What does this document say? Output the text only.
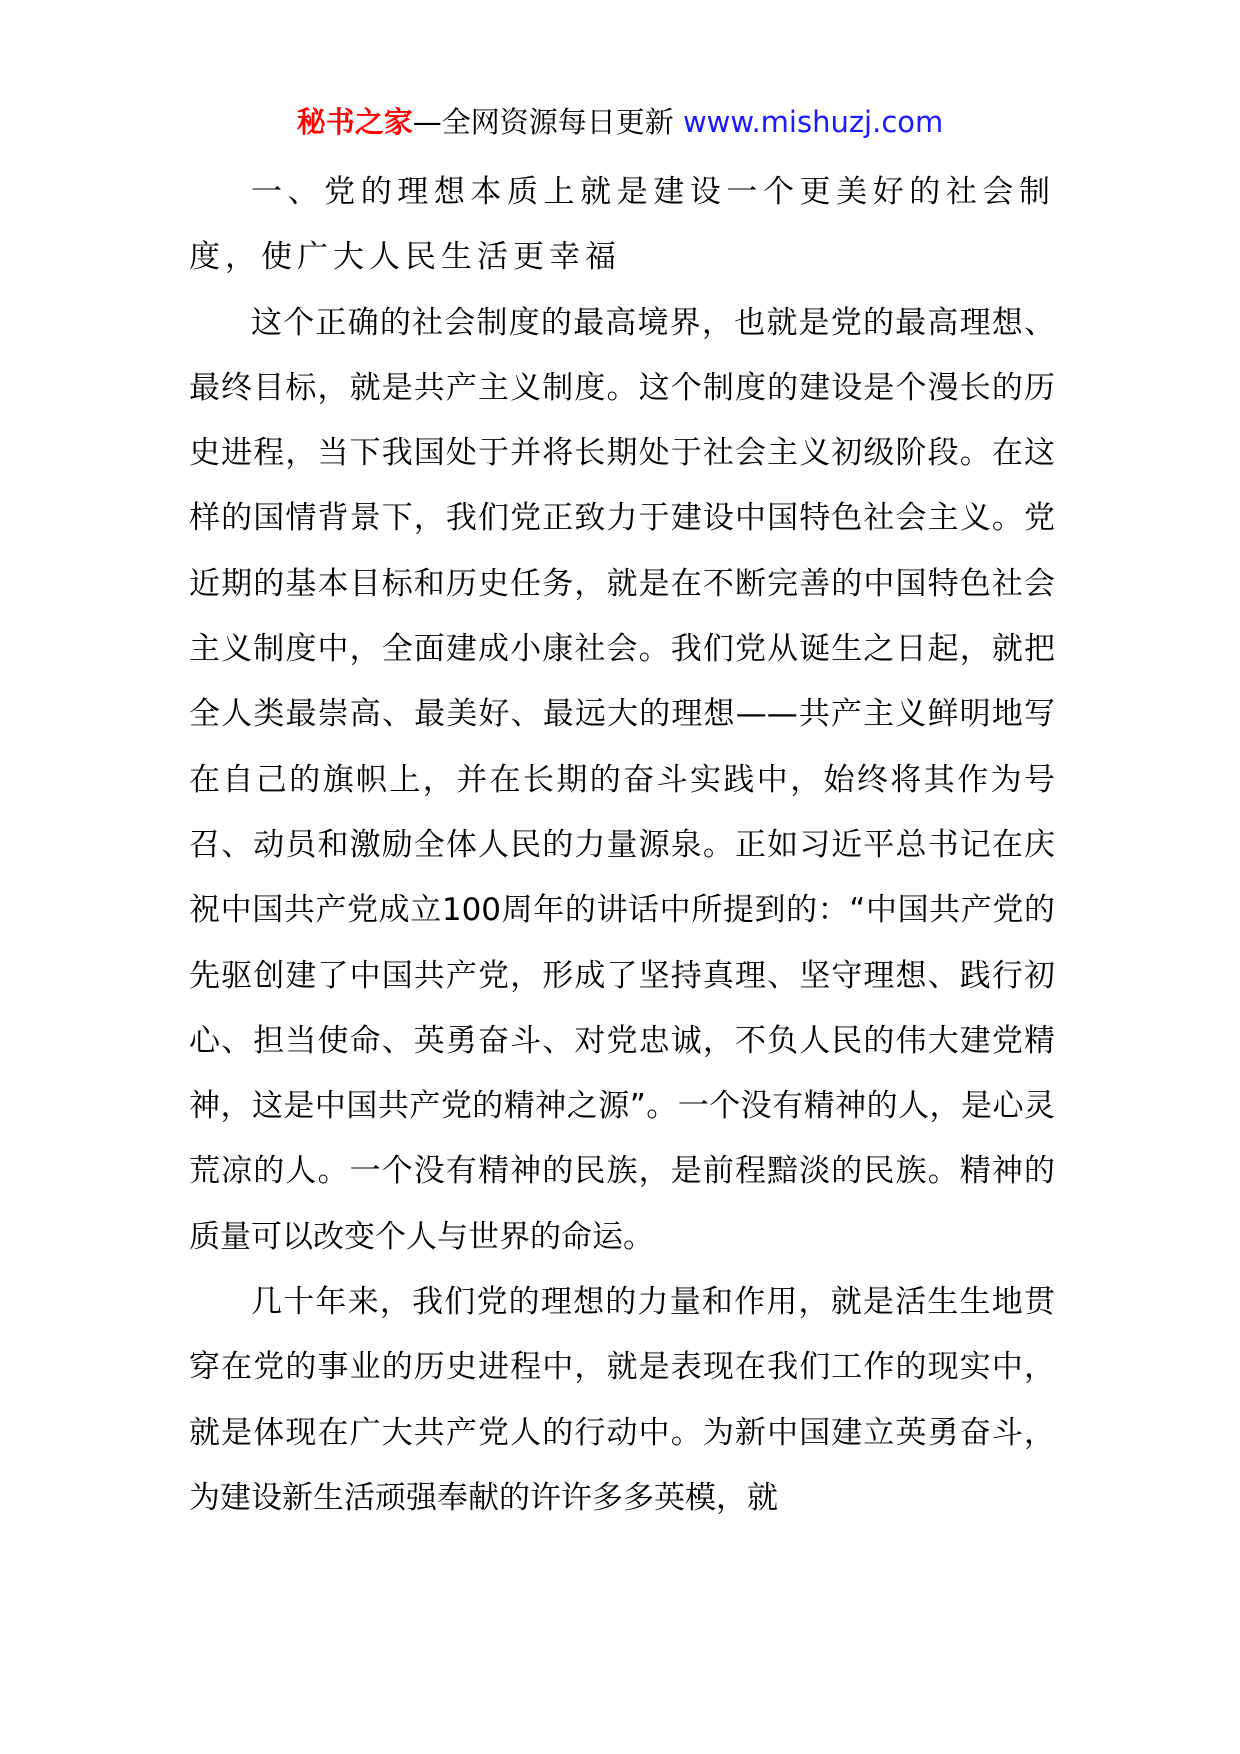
秘书之家—全网资源每日更新 www.mishuzj.com

一、党的理想本质上就是建设一个更美好的社会制度，使广大人民生活更幸福

这个正确的社会制度的最高境界，也就是党的最高理想、最终目标，就是共产主义制度。这个制度的建设是个漫长的历史进程，当下我国处于并将长期处于社会主义初级阶段。在这样的国情背景下，我们党正致力于建设中国特色社会主义。党近期的基本目标和历史任务，就是在不断完善的中国特色社会主义制度中，全面建成小康社会。我们党从诞生之日起，就把全人类最崇高、最美好、最远大的理想——共产主义鲜明地写在自己的旗帜上，并在长期的奋斗实践中，始终将其作为号召、动员和激励全体人民的力量源泉。正如习近平总书记在庆祝中国共产党成立100周年的讲话中所提到的：“中国共产党的先驱创建了中国共产党，形成了坚持真理、坚守理想、践行初心、担当使命、英勇奋斗、对党忠诚，不负人民的伟大建党精神，这是中国共产党的精神之源”。一个没有精神的人，是心灵荒凉的人。一个没有精神的民族，是前程黯淡的民族。精神的质量可以改变个人与世界的命运。

几十年来，我们党的理想的力量和作用，就是活生生地贯穿在党的事业的历史进程中，就是表现在我们工作的现实中，就是体现在广大共产党人的行动中。为新中国建立英勇奋斗，为建设新生活顽强奉献的许许多多英模，就
